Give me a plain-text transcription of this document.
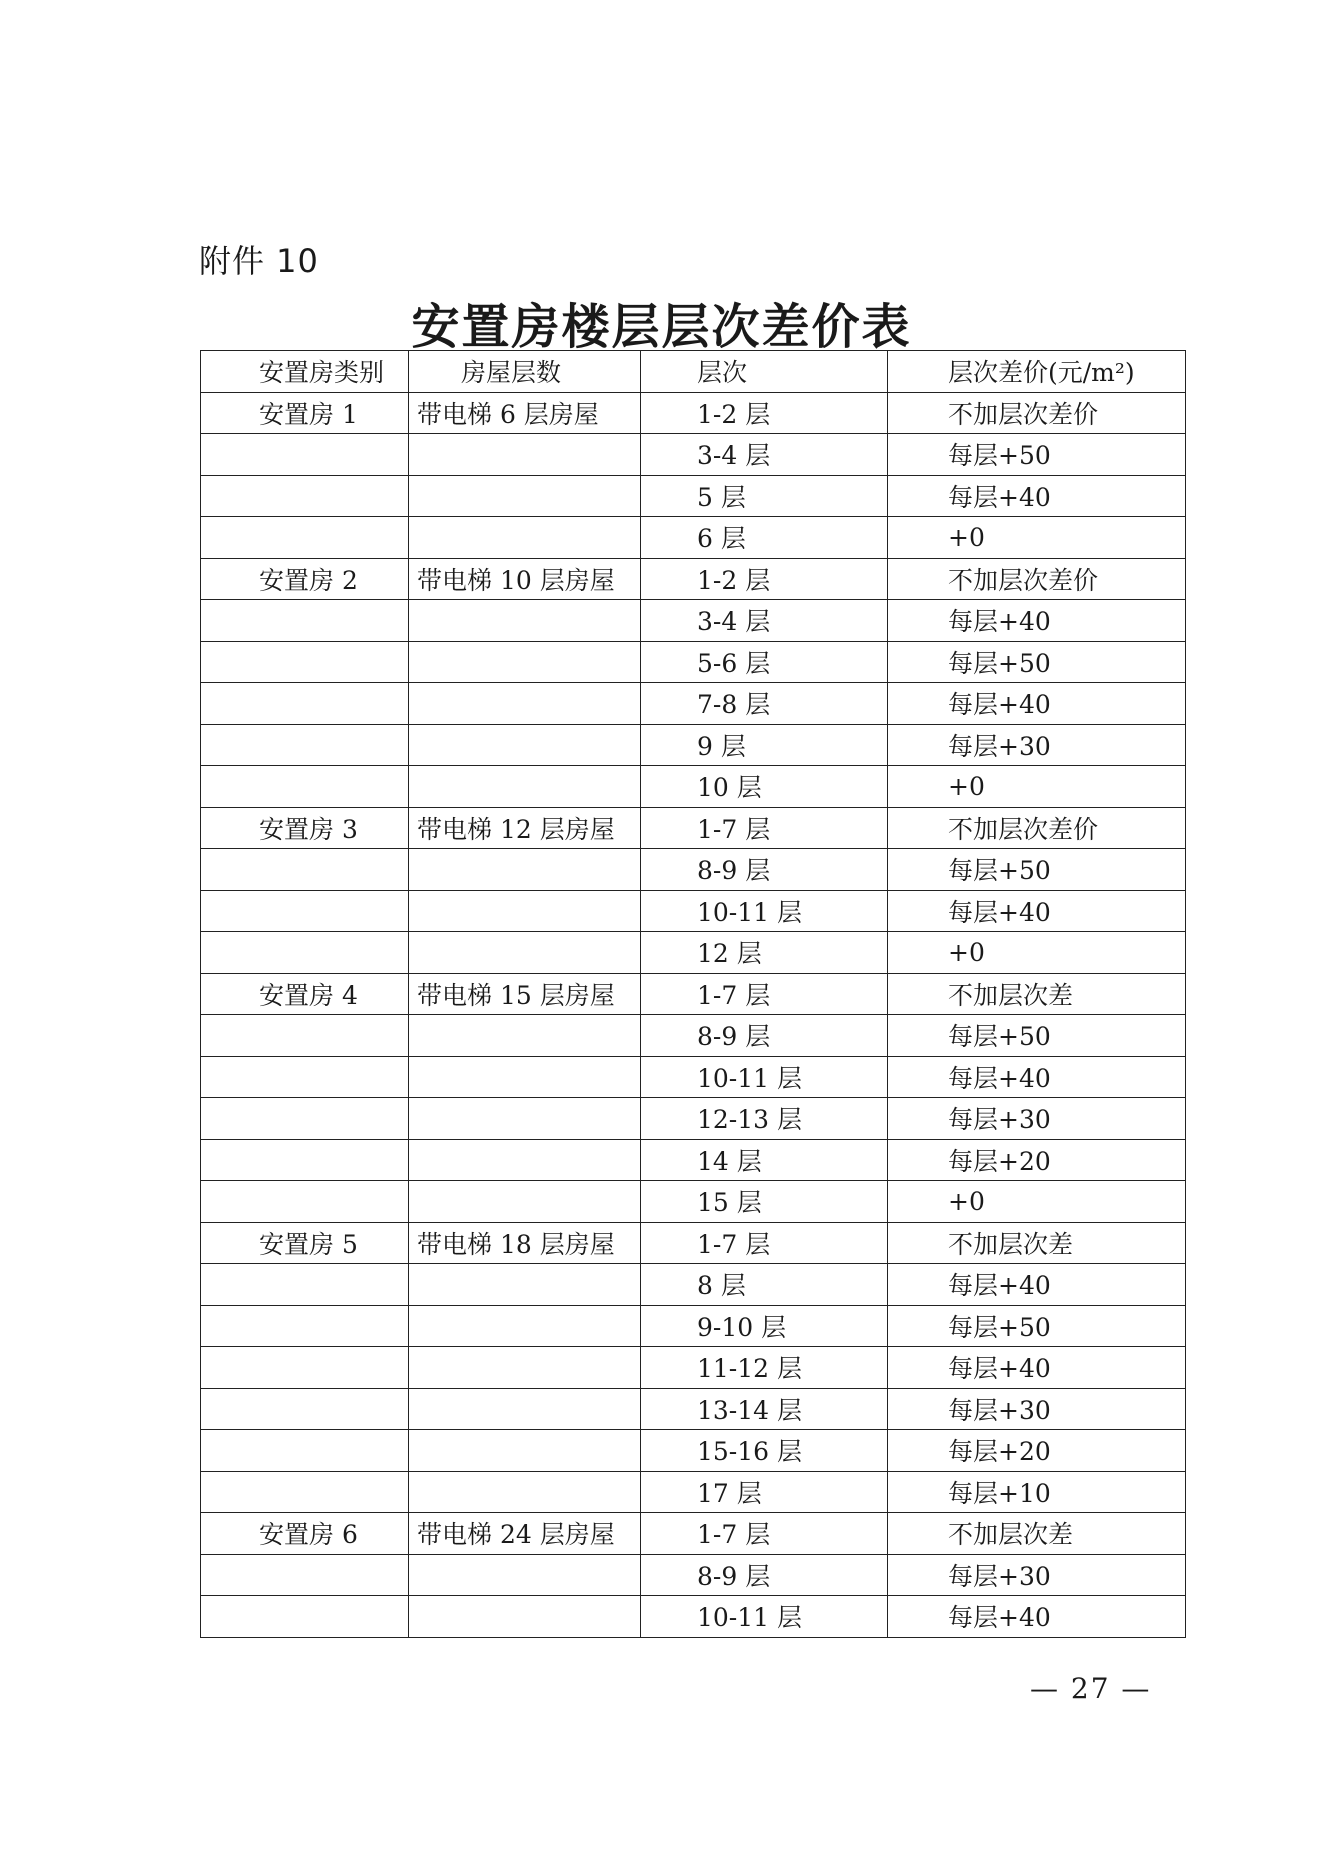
附件 10
安置房楼层层次差价表
安置房类别	房屋层数	层次	层次差价(元/m²)
安置房 1	带电梯 6 层房屋	1-2 层	不加层次差价
		3-4 层	每层+50
		5 层	每层+40
		6 层	+0
安置房 2	带电梯 10 层房屋	1-2 层	不加层次差价
		3-4 层	每层+40
		5-6 层	每层+50
		7-8 层	每层+40
		9 层	每层+30
		10 层	+0
安置房 3	带电梯 12 层房屋	1-7 层	不加层次差价
		8-9 层	每层+50
		10-11 层	每层+40
		12 层	+0
安置房 4	带电梯 15 层房屋	1-7 层	不加层次差
		8-9 层	每层+50
		10-11 层	每层+40
		12-13 层	每层+30
		14 层	每层+20
		15 层	+0
安置房 5	带电梯 18 层房屋	1-7 层	不加层次差
		8 层	每层+40
		9-10 层	每层+50
		11-12 层	每层+40
		13-14 层	每层+30
		15-16 层	每层+20
		17 层	每层+10
安置房 6	带电梯 24 层房屋	1-7 层	不加层次差
		8-9 层	每层+30
		10-11 层	每层+40
— 27 —
